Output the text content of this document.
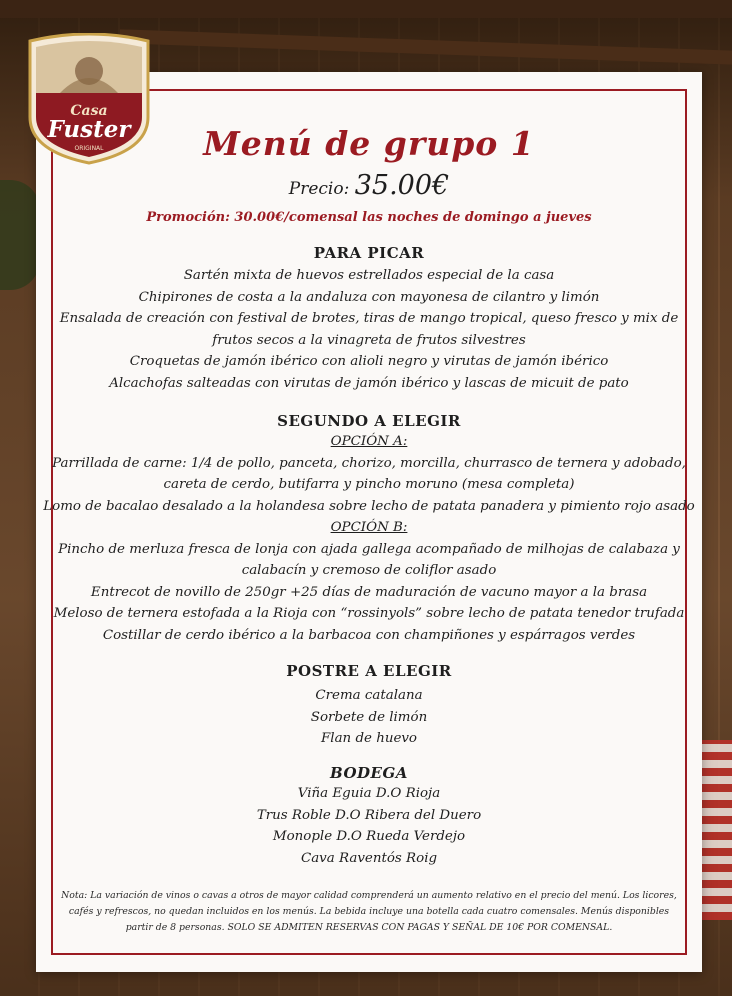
Menú de grupo 1
Precio: 35.00€
Promoción: 30.00€/comensal las noches de domingo a jueves
PARA PICAR
Sartén mixta de huevos estrellados especial de la casa
Chipirones de costa a la andaluza con mayonesa de cilantro y limón
Ensalada de creación con festival de brotes, tiras de mango tropical, queso fresco y mix de
frutos secos a la vinagreta de frutos silvestres
Croquetas de jamón ibérico con alioli negro y virutas de jamón ibérico
Alcachofas salteadas con virutas de jamón ibérico y lascas de micuit de pato
SEGUNDO A ELEGIR
OPCIÓN A:
Parrillada de carne: 1/4 de pollo, panceta, chorizo, morcilla, churrasco de ternera y adobado,
careta de cerdo, butifarra y pincho moruno (mesa completa)
Lomo de bacalao desalado a la holandesa sobre lecho de patata panadera y pimiento rojo asado
OPCIÓN B:
Pincho de merluza fresca de lonja con ajada gallega acompañado de milhojas de calabaza y
calabacín y cremoso de coliflor asado
Entrecot de novillo de 250gr +25 días de maduración de vacuno mayor a la brasa
Meloso de ternera estofada a la Rioja con “rossinyols” sobre lecho de patata tenedor trufada
Costillar de cerdo ibérico a la barbacoa con champiñones y espárragos verdes
POSTRE A ELEGIR
Crema catalana
Sorbete de limón
Flan de huevo
BODEGA
Viña Eguia D.O Rioja
Trus Roble D.O Ribera del Duero
Monople D.O Rueda Verdejo
Cava Raventós Roig
Nota: La variación de vinos o cavas a otros de mayor calidad comprenderá un aumento relativo en el precio del menú. Los licores,
cafés y refrescos, no quedan incluidos en los menús. La bebida incluye una botella cada cuatro comensales. Menús disponibles
partir de 8 personas. SOLO SE ADMITEN RESERVAS CON PAGAS Y SEÑAL DE 10€ POR COMENSAL.
Casa
Fuster
ORIGINAL
